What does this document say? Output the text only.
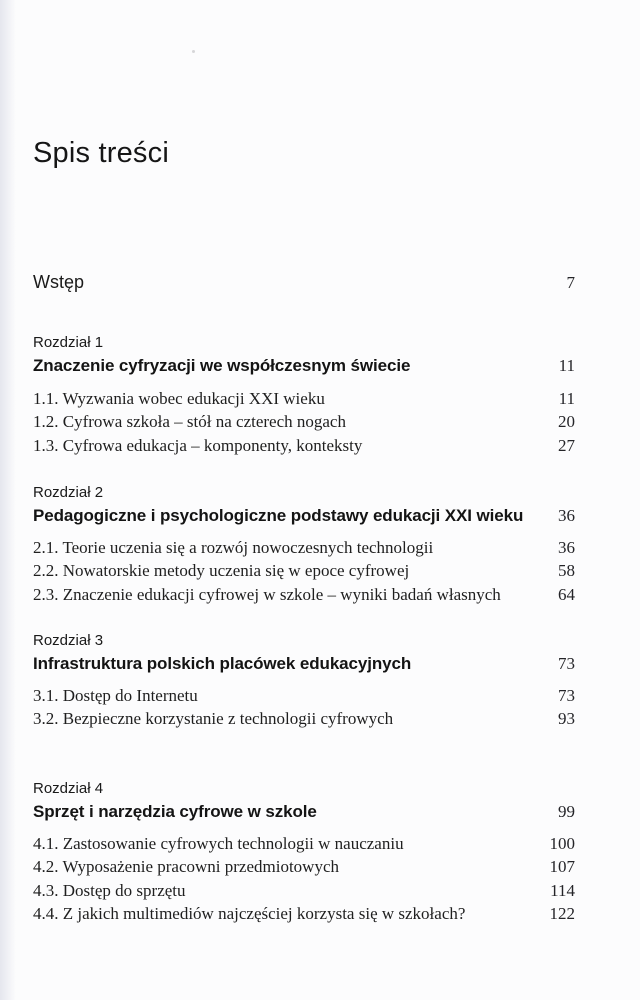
Spis treści
Wstęp	7
Rozdział 1
Znaczenie cyfryzacji we współczesnym świecie	11
1.1. Wyzwania wobec edukacji XXI wieku	11
1.2. Cyfrowa szkoła – stół na czterech nogach	20
1.3. Cyfrowa edukacja – komponenty, konteksty	27
Rozdział 2
Pedagogiczne i psychologiczne podstawy edukacji XXI wieku	36
2.1. Teorie uczenia się a rozwój nowoczesnych technologii	36
2.2. Nowatorskie metody uczenia się w epoce cyfrowej	58
2.3. Znaczenie edukacji cyfrowej w szkole – wyniki badań własnych	64
Rozdział 3
Infrastruktura polskich placówek edukacyjnych	73
3.1. Dostęp do Internetu	73
3.2. Bezpieczne korzystanie z technologii cyfrowych	93
Rozdział 4
Sprzęt i narzędzia cyfrowe w szkole	99
4.1. Zastosowanie cyfrowych technologii w nauczaniu	100
4.2. Wyposażenie pracowni przedmiotowych	107
4.3. Dostęp do sprzętu	114
4.4. Z jakich multimediów najczęściej korzysta się w szkołach?	122
